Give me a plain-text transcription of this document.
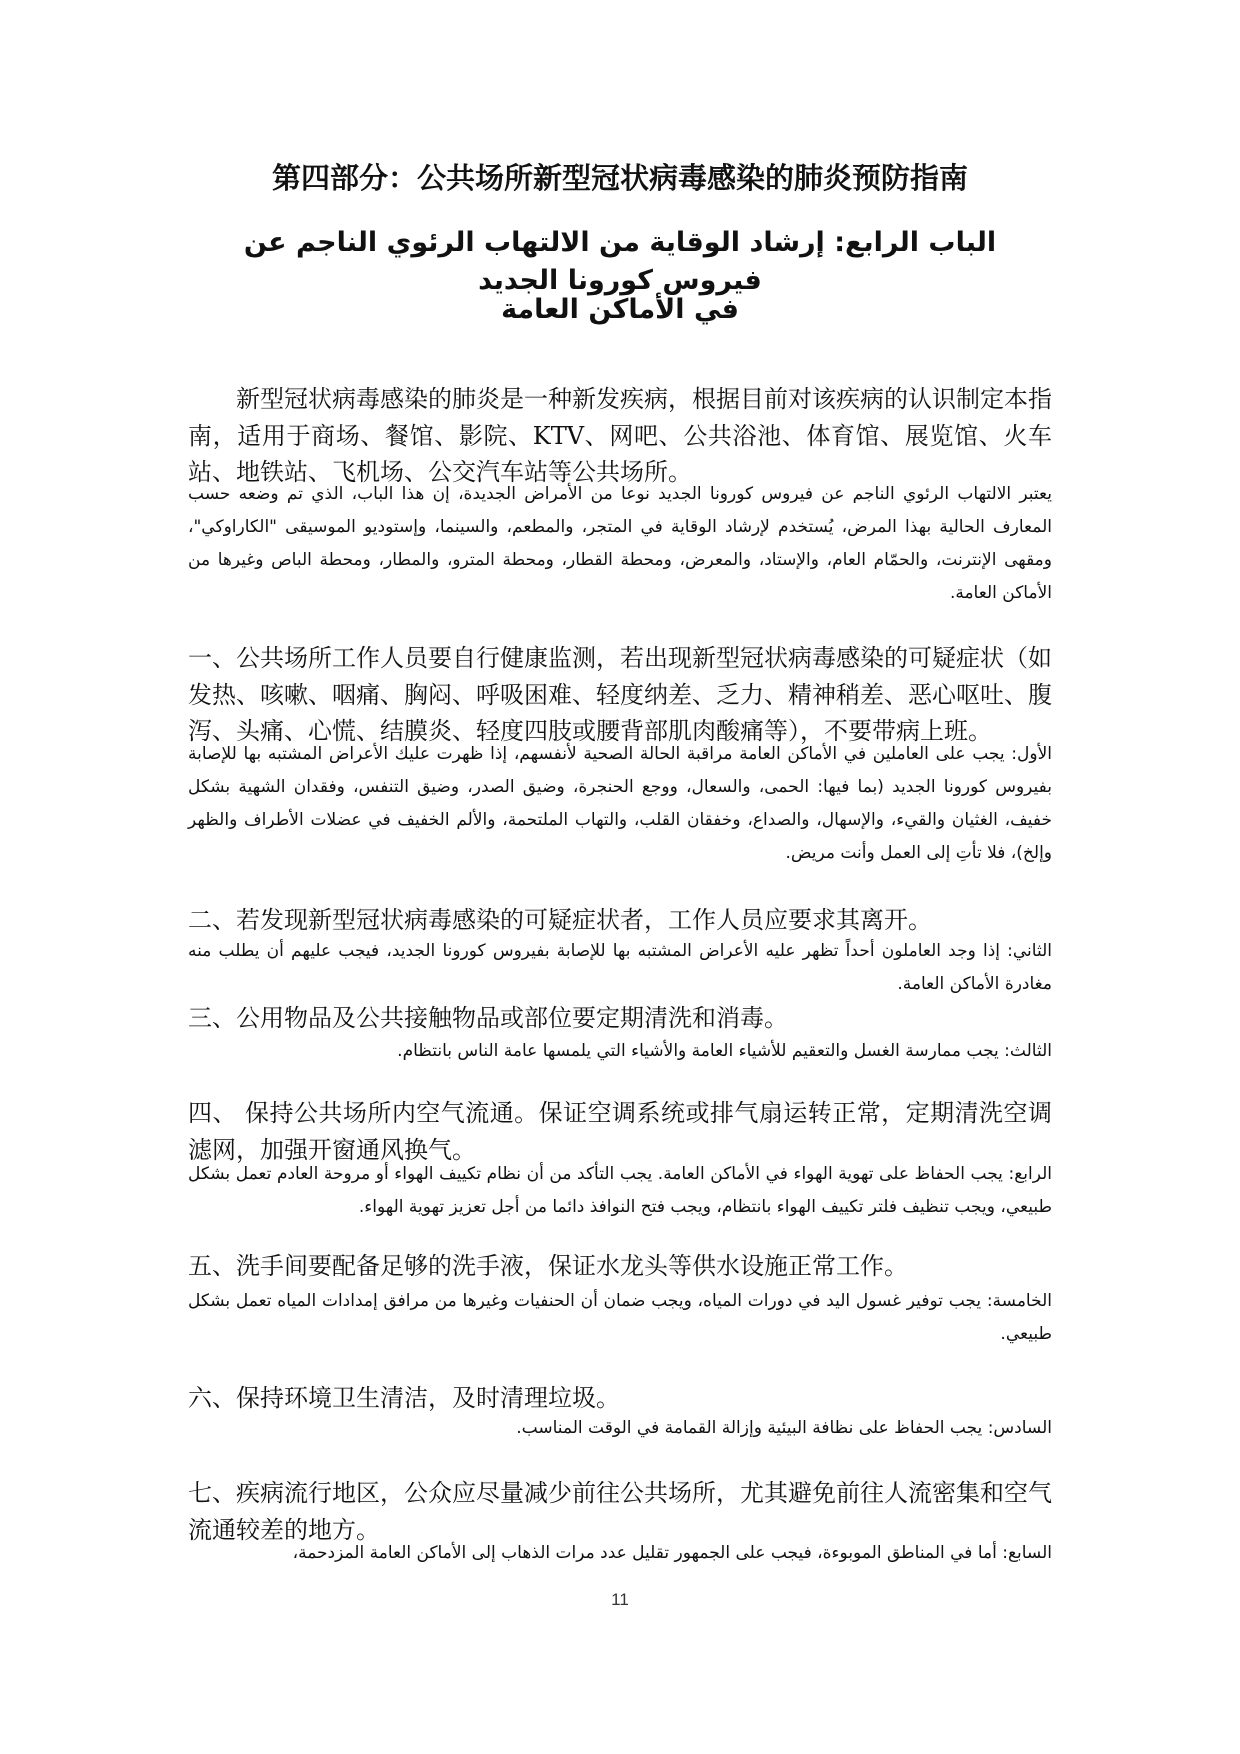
第四部分：公共场所新型冠状病毒感染的肺炎预防指南
الباب الرابع: إرشاد الوقاية من الالتهاب الرئوي الناجم عن فيروس كورونا الجديد
في الأماكن العامة

新型冠状病毒感染的肺炎是一种新发疾病，根据目前对该疾病的认识制定本指南，适用于商场、餐馆、影院、KTV、网吧、公共浴池、体育馆、展览馆、火车站、地铁站、飞机场、公交汽车站等公共场所。

يعتبر الالتهاب الرئوي الناجم عن فيروس كورونا الجديد نوعا من الأمراض الجديدة، إن هذا الباب، الذي تم وضعه حسب المعارف الحالية بهذا المرض، يُستخدم لإرشاد الوقاية في المتجر، والمطعم، والسينما، وإستوديو الموسيقى "الكاراوكي"، ومقهى الإنترنت، والحمّام العام، والإستاد، والمعرض، ومحطة القطار، ومحطة المترو، والمطار، ومحطة الباص وغيرها من الأماكن العامة.

一、公共场所工作人员要自行健康监测，若出现新型冠状病毒感染的可疑症状（如发热、咳嗽、咽痛、胸闷、呼吸困难、轻度纳差、乏力、精神稍差、恶心呕吐、腹泻、头痛、心慌、结膜炎、轻度四肢或腰背部肌肉酸痛等），不要带病上班。

الأول: يجب على العاملين في الأماكن العامة مراقبة الحالة الصحية لأنفسهم، إذا ظهرت عليك الأعراض المشتبه بها للإصابة بفيروس كورونا الجديد (بما فيها: الحمى، والسعال، ووجع الحنجرة، وضيق الصدر، وضيق التنفس، وفقدان الشهية بشكل خفيف، الغثيان والقيء، والإسهال، والصداع، وخفقان القلب، والتهاب الملتحمة، والألم الخفيف في عضلات الأطراف والظهر وإلخ)، فلا تأتِ إلى العمل وأنت مريض.

二、若发现新型冠状病毒感染的可疑症状者，工作人员应要求其离开。

الثاني: إذا وجد العاملون أحداً تظهر عليه الأعراض المشتبه بها للإصابة بفيروس كورونا الجديد، فيجب عليهم أن يطلب منه مغادرة الأماكن العامة.

三、公用物品及公共接触物品或部位要定期清洗和消毒。

الثالث: يجب ممارسة الغسل والتعقيم للأشياء العامة والأشياء التي يلمسها عامة الناس بانتظام.

四、 保持公共场所内空气流通。保证空调系统或排气扇运转正常，定期清洗空调滤网，加强开窗通风换气。

الرابع: يجب الحفاظ على تهوية الهواء في الأماكن العامة. يجب التأكد من أن نظام تكييف الهواء أو مروحة العادم تعمل بشكل طبيعي، ويجب تنظيف فلتر تكييف الهواء بانتظام، ويجب فتح النوافذ دائما من أجل تعزيز تهوية الهواء.

五、洗手间要配备足够的洗手液，保证水龙头等供水设施正常工作。

الخامسة: يجب توفير غسول اليد في دورات المياه، ويجب ضمان أن الحنفيات وغيرها من مرافق إمدادات المياه تعمل بشكل طبيعي.

六、保持环境卫生清洁，及时清理垃圾。

السادس: يجب الحفاظ على نظافة البيئية وإزالة القمامة في الوقت المناسب.

七、疾病流行地区，公众应尽量减少前往公共场所，尤其避免前往人流密集和空气流通较差的地方。

السابع: أما في المناطق الموبوءة، فيجب على الجمهور تقليل عدد مرات الذهاب إلى الأماكن العامة المزدحمة،

11
